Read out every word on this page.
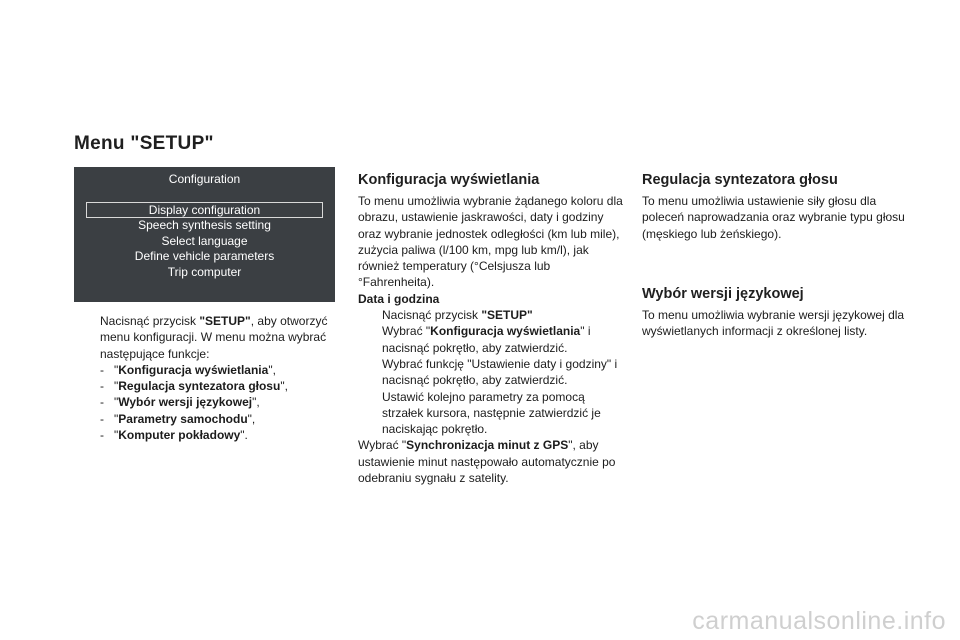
Menu "SETUP"
Configuration
Display configuration
Speech synthesis setting
Select language
Define vehicle parameters
Trip computer

Nacisnąć przycisk "SETUP", aby otworzyć menu konfiguracji. W menu można wybrać następujące funkcje:

- "Konfiguracja wyświetlania",

- "Regulacja syntezatora głosu",

- "Wybór wersji językowej",

- "Parametry samochodu",

- "Komputer pokładowy".

Konfiguracja wyświetlania

To menu umożliwia wybranie żądanego koloru dla obrazu, ustawienie jaskrawości, daty i godziny oraz wybranie jednostek odległości (km lub mile), zużycia paliwa (l/100 km, mpg lub km/l), jak również temperatury (°Celsjusza lub °Fahrenheita).

Data i godzina

Nacisnąć przycisk "SETUP"

Wybrać "Konfiguracja wyświetlania" i nacisnąć pokrętło, aby zatwierdzić.

Wybrać funkcję "Ustawienie daty i godziny" i nacisnąć pokrętło, aby zatwierdzić.

Ustawić kolejno parametry za pomocą strzałek kursora, następnie zatwierdzić je naciskając pokrętło.

Wybrać "Synchronizacja minut z GPS", aby ustawienie minut następowało automatycznie po odebraniu sygnału z satelity.

Regulacja syntezatora głosu

To menu umożliwia ustawienie siły głosu dla poleceń naprowadzania oraz wybranie typu głosu (męskiego lub żeńskiego).

Wybór wersji językowej

To menu umożliwia wybranie wersji językowej dla wyświetlanych informacji z określonej listy.

carmanualsonline.info
